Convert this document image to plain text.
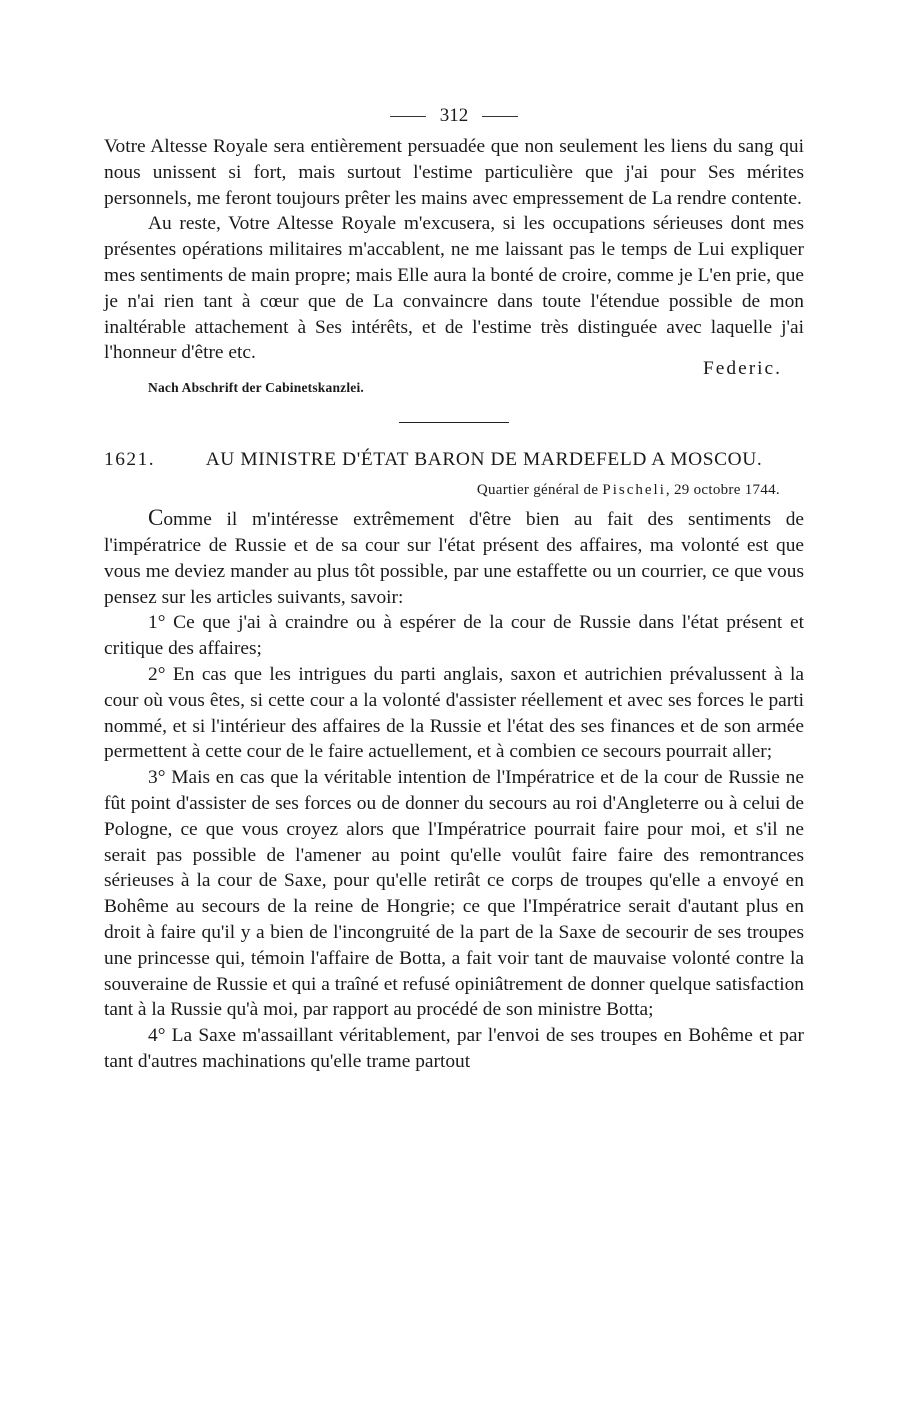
312

Votre Altesse Royale sera entièrement persuadée que non seulement les liens du sang qui nous unissent si fort, mais surtout l'estime particulière que j'ai pour Ses mérites personnels, me feront toujours prêter les mains avec empressement de La rendre contente.

Au reste, Votre Altesse Royale m'excusera, si les occupations sérieuses dont mes présentes opérations militaires m'accablent, ne me laissant pas le temps de Lui expliquer mes sentiments de main propre; mais Elle aura la bonté de croire, comme je L'en prie, que je n'ai rien tant à cœur que de La convaincre dans toute l'étendue possible de mon inaltérable attachement à Ses intérêts, et de l'estime très distinguée avec laquelle j'ai l'honneur d'être etc.

Federic.
Nach Abschrift der Cabinetskanzlei.
1621.	AU MINISTRE D'ÉTAT BARON DE MARDEFELD A MOSCOU.
Quartier général de Pischeli, 29 octobre 1744.

Comme il m'intéresse extrêmement d'être bien au fait des sentiments de l'impératrice de Russie et de sa cour sur l'état présent des affaires, ma volonté est que vous me deviez mander au plus tôt possible, par une estaffette ou un courrier, ce que vous pensez sur les articles suivants, savoir:

1° Ce que j'ai à craindre ou à espérer de la cour de Russie dans l'état présent et critique des affaires;

2° En cas que les intrigues du parti anglais, saxon et autrichien prévalussent à la cour où vous êtes, si cette cour a la volonté d'assister réellement et avec ses forces le parti nommé, et si l'intérieur des affaires de la Russie et l'état des ses finances et de son armée permettent à cette cour de le faire actuellement, et à combien ce secours pourrait aller;

3° Mais en cas que la véritable intention de l'Impératrice et de la cour de Russie ne fût point d'assister de ses forces ou de donner du secours au roi d'Angleterre ou à celui de Pologne, ce que vous croyez alors que l'Impératrice pourrait faire pour moi, et s'il ne serait pas possible de l'amener au point qu'elle voulût faire faire des remontrances sérieuses à la cour de Saxe, pour qu'elle retirât ce corps de troupes qu'elle a envoyé en Bohême au secours de la reine de Hongrie; ce que l'Impératrice serait d'autant plus en droit à faire qu'il y a bien de l'incongruité de la part de la Saxe de secourir de ses troupes une princesse qui, témoin l'affaire de Botta, a fait voir tant de mauvaise volonté contre la souveraine de Russie et qui a traîné et refusé opiniâtrement de donner quelque satisfaction tant à la Russie qu'à moi, par rapport au procédé de son ministre Botta;

4° La Saxe m'assaillant véritablement, par l'envoi de ses troupes en Bohême et par tant d'autres machinations qu'elle trame partout
